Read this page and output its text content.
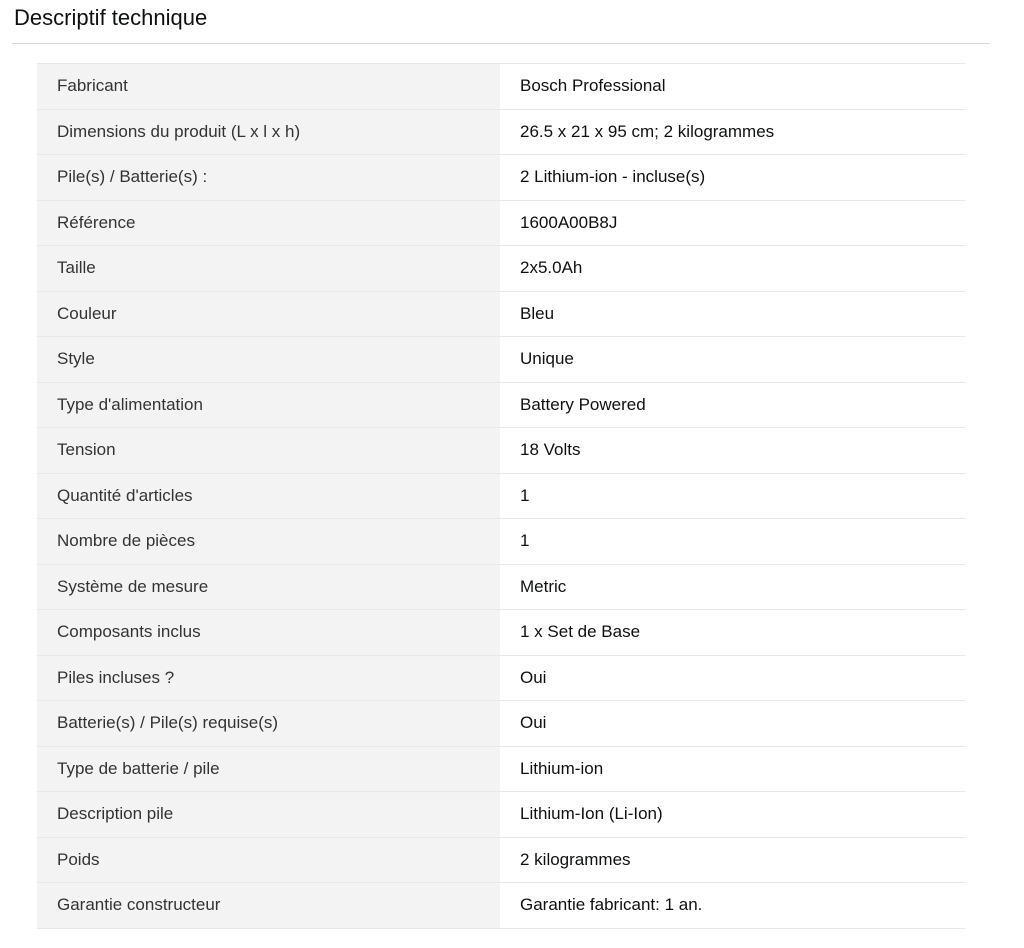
Descriptif technique
Fabricant	Bosch Professional
Dimensions du produit (L x l x h)	26.5 x 21 x 95 cm; 2 kilogrammes
Pile(s) / Batterie(s) :	2 Lithium-ion - incluse(s)
Référence	1600A00B8J
Taille	2x5.0Ah
Couleur	Bleu
Style	Unique
Type d'alimentation	Battery Powered
Tension	18 Volts
Quantité d'articles	1
Nombre de pièces	1
Système de mesure	Metric
Composants inclus	1 x Set de Base
Piles incluses ?	Oui
Batterie(s) / Pile(s) requise(s)	Oui
Type de batterie / pile	Lithium-ion
Description pile	Lithium-Ion (Li-Ion)
Poids	2 kilogrammes
Garantie constructeur	Garantie fabricant: 1 an.
